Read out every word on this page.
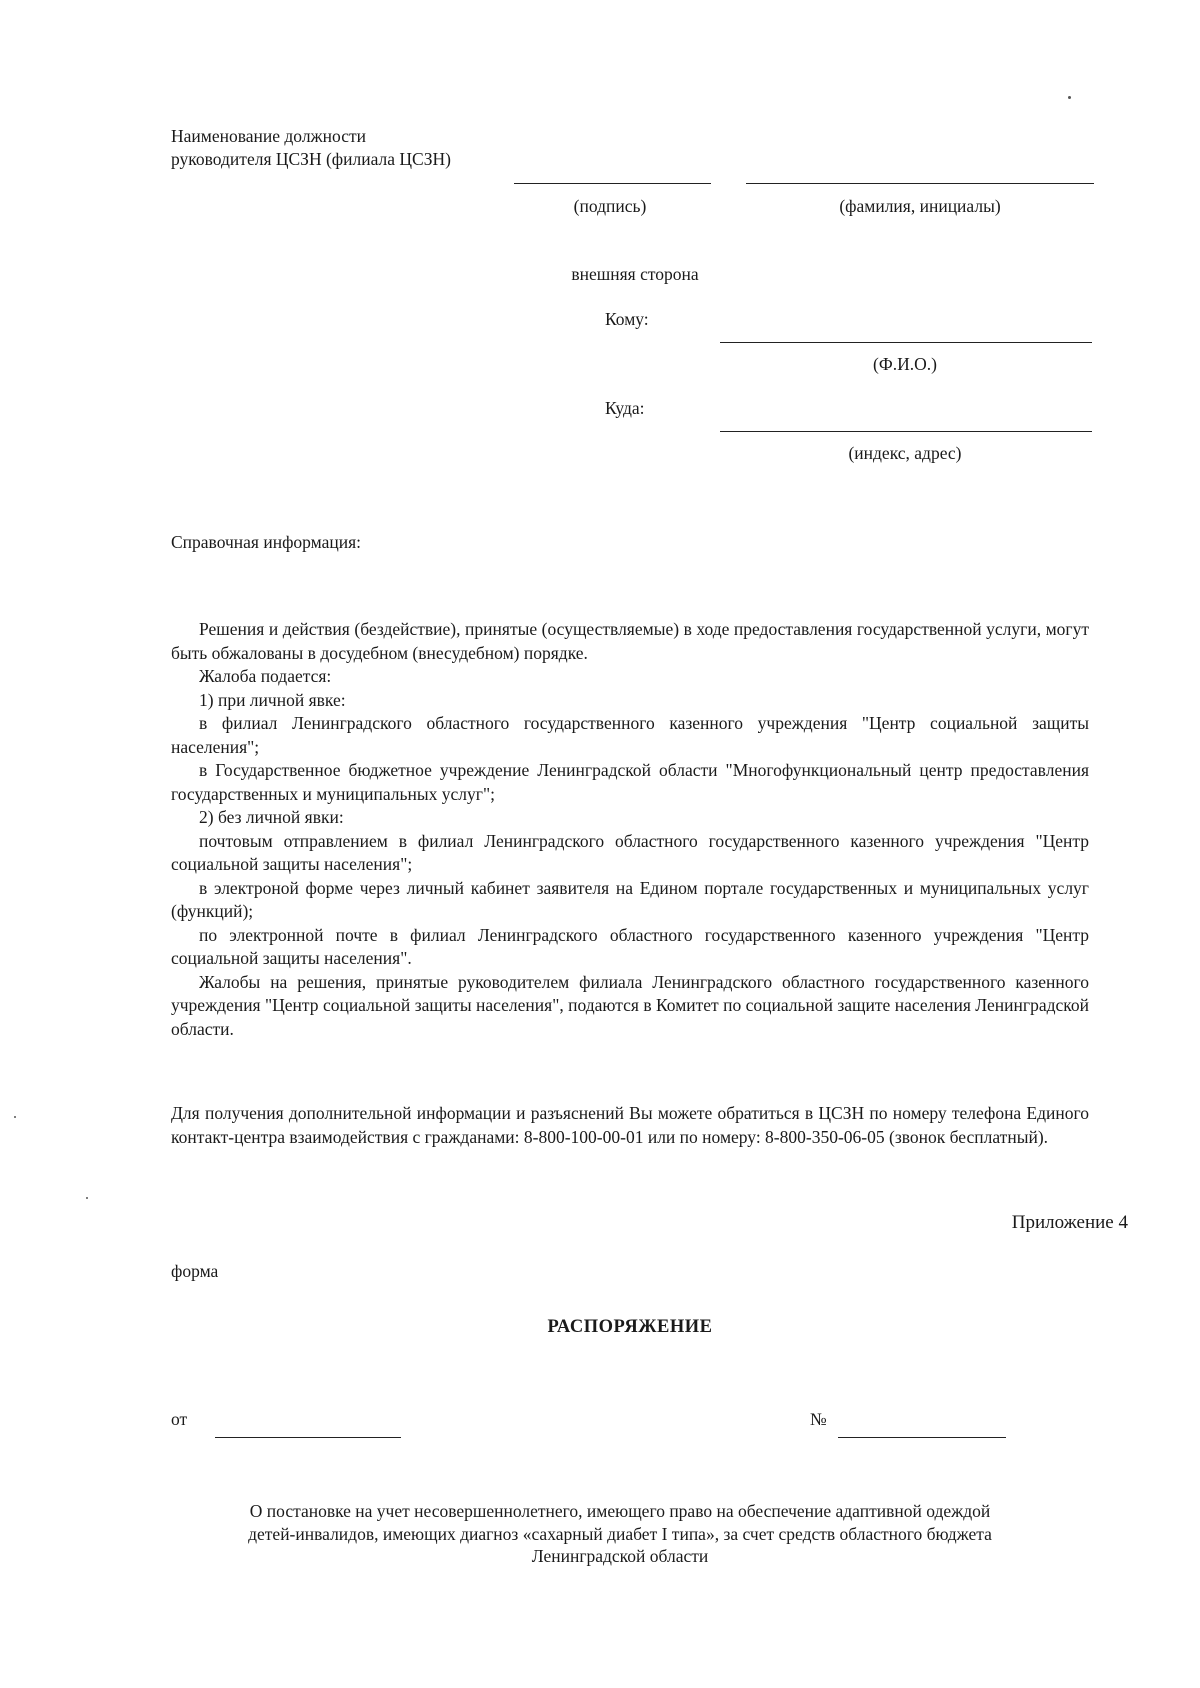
Наименование должности
руководителя ЦСЗН (филиала ЦСЗН)
(подпись)	(фамилия, инициалы)
внешняя сторона
Кому:
(Ф.И.О.)
Куда:
(индекс, адрес)
Справочная информация:

Решения и действия (бездействие), принятые (осуществляемые) в ходе предоставления государственной услуги, могут быть обжалованы в досудебном (внесудебном) порядке.

Жалоба подается:

1) при личной явке:

в филиал Ленинградского областного государственного казенного учреждения "Центр социальной защиты населения";

в Государственное бюджетное учреждение Ленинградской области "Многофункциональный центр предоставления государственных и муниципальных услуг";

2) без личной явки:

почтовым отправлением в филиал Ленинградского областного государственного казенного учреждения "Центр социальной защиты населения";

в электроной форме через личный кабинет заявителя на Едином портале государственных и муниципальных услуг (функций);

по электронной почте в филиал Ленинградского областного государственного казенного учреждения "Центр социальной защиты населения".

Жалобы на решения, принятые руководителем филиала Ленинградского областного государственного казенного учреждения "Центр социальной защиты населения", подаются в Комитет по социальной защите населения Ленинградской области.

Для получения дополнительной информации и разъяснений Вы можете обратиться в ЦСЗН по номеру телефона Единого контакт-центра взаимодействия с гражданами: 8-800-100-00-01 или по номеру: 8-800-350-06-05 (звонок бесплатный).

Приложение 4
форма
РАСПОРЯЖЕНИЕ
от	№
О постановке на учет несовершеннолетнего, имеющего право на обеспечение адаптивной одеждой
детей-инвалидов, имеющих диагноз «сахарный диабет I типа», за счет средств областного бюджета
Ленинградской области
